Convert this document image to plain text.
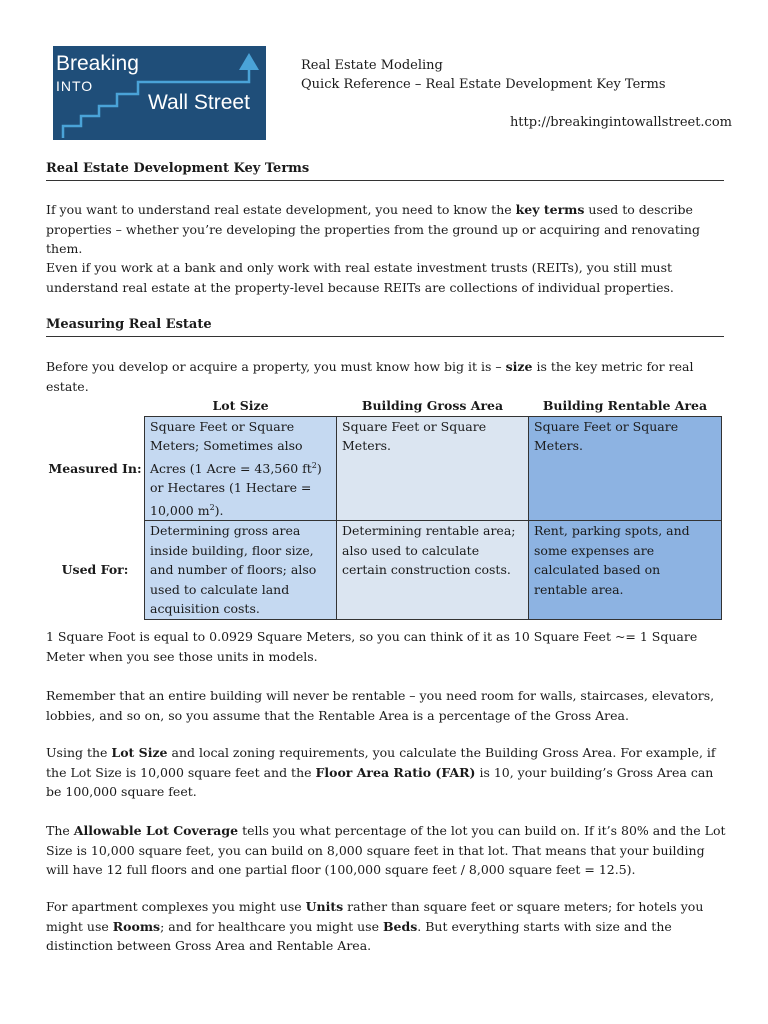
Breaking
INTO
Wall Street
Real Estate Modeling
Quick Reference – Real Estate Development Key Terms
http://breakingintowallstreet.com
Real Estate Development Key Terms

If you want to understand real estate development, you need to know the key terms used to describe properties – whether you’re developing the properties from the ground up or acquiring and renovating them.

Even if you work at a bank and only work with real estate investment trusts (REITs), you still must understand real estate at the property-level because REITs are collections of individual properties.

Measuring Real Estate

Before you develop or acquire a property, you must know how big it is – size is the key metric for real estate.

	Lot Size	Building Gross Area	Building Rentable Area
Measured In:	Square Feet or Square Meters; Sometimes also Acres (1 Acre = 43,560 $ft^2$) or Hectares (1 Hectare = 10,000 $m^2$).	Square Feet or Square Meters.	Square Feet or Square Meters.
Used For:	Determining gross area inside building, floor size, and number of floors; also used to calculate land acquisition costs.	Determining rentable area; also used to calculate certain construction costs.	Rent, parking spots, and some expenses are calculated based on rentable area.

1 Square Foot is equal to 0.0929 Square Meters, so you can think of it as 10 Square Feet ~= 1 Square Meter when you see those units in models.

Remember that an entire building will never be rentable – you need room for walls, staircases, elevators, lobbies, and so on, so you assume that the Rentable Area is a percentage of the Gross Area.

Using the Lot Size and local zoning requirements, you calculate the Building Gross Area. For example, if the Lot Size is 10,000 square feet and the Floor Area Ratio (FAR) is 10, your building’s Gross Area can be 100,000 square feet.

The Allowable Lot Coverage tells you what percentage of the lot you can build on. If it’s 80% and the Lot Size is 10,000 square feet, you can build on 8,000 square feet in that lot. That means that your building will have 12 full floors and one partial floor (100,000 square feet / 8,000 square feet = 12.5).

For apartment complexes you might use Units rather than square feet or square meters; for hotels you might use Rooms; and for healthcare you might use Beds. But everything starts with size and the distinction between Gross Area and Rentable Area.
